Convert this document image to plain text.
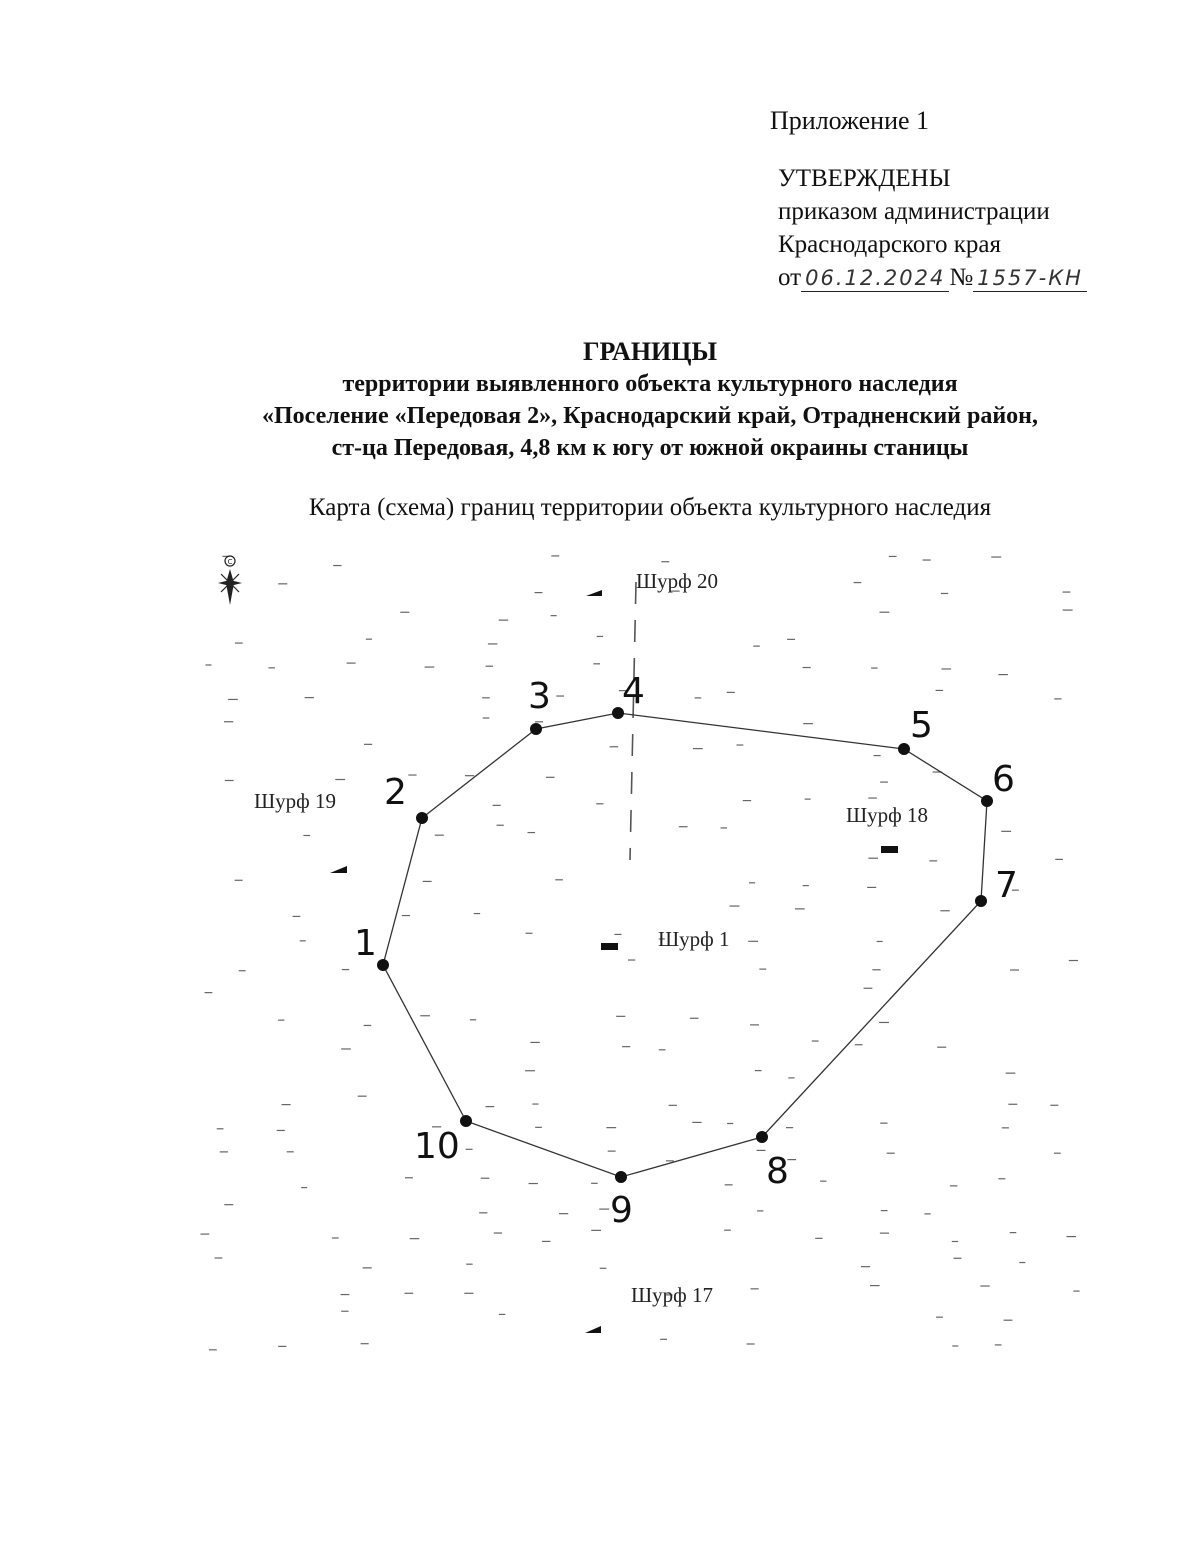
Приложение 1
УТВЕРЖДЕНЫ
приказом администрации
Краснодарского края
от 06.12.2024 № 1557-КН
ГРАНИЦЫ
территории выявленного объекта культурного наследия
«Поселение «Передовая 2», Краснодарский край, Отрадненский район,
ст-ца Передовая, 4,8 км к югу от южной окраины станицы
Карта (схема) границ территории объекта культурного наследия
С
1
2
3 4
5
6
7
8
9
10
Шурф 20
Шурф 19
Шурф 18
Шурф 1
Шурф 17
